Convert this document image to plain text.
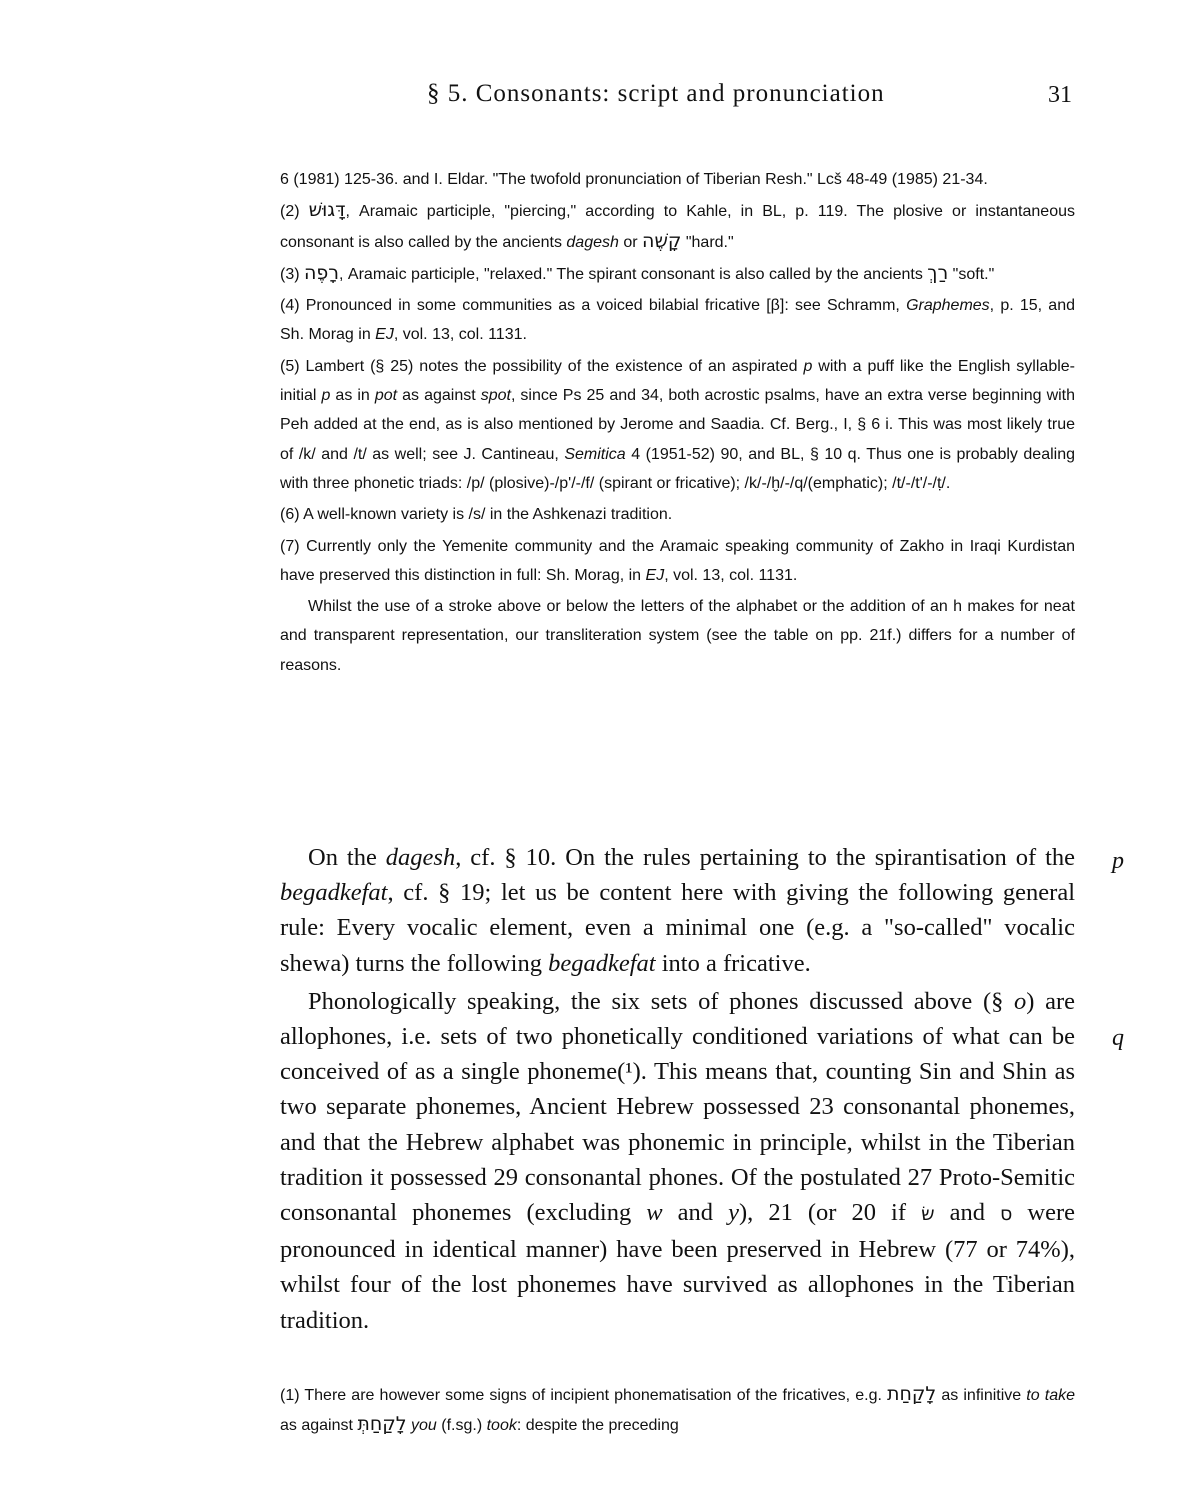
§ 5. Consonants: script and pronunciation	31

6 (1981) 125-36. and I. Eldar. "The twofold pronunciation of Tiberian Resh." Lcš 48-49 (1985) 21-34.

(2) דָּגוּשׁ, Aramaic participle, "piercing," according to Kahle, in BL, p. 119. The plosive or instantaneous consonant is also called by the ancients dagesh or קָשֶׁה "hard."

(3) רָפֶה, Aramaic participle, "relaxed." The spirant consonant is also called by the ancients רַךְ "soft."

(4) Pronounced in some communities as a voiced bilabial fricative [β]: see Schramm, Graphemes, p. 15, and Sh. Morag in EJ, vol. 13, col. 1131.

(5) Lambert (§ 25) notes the possibility of the existence of an aspirated p with a puff like the English syllable-initial p as in pot as against spot, since Ps 25 and 34, both acrostic psalms, have an extra verse beginning with Peh added at the end, as is also mentioned by Jerome and Saadia. Cf. Berg., I, § 6 i. This was most likely true of /k/ and /t/ as well; see J. Cantineau, Semitica 4 (1951-52) 90, and BL, § 10 q. Thus one is probably dealing with three phonetic triads: /p/ (plosive)-/p'/-/f/ (spirant or fricative); /k/-/ḫ/-/q/(emphatic); /t/-/t'/-/ṭ/.

(6) A well-known variety is /s/ in the Ashkenazi tradition.

(7) Currently only the Yemenite community and the Aramaic speaking community of Zakho in Iraqi Kurdistan have preserved this distinction in full: Sh. Morag, in EJ, vol. 13, col. 1131.

Whilst the use of a stroke above or below the letters of the alphabet or the addition of an h makes for neat and transparent representation, our transliteration system (see the table on pp. 21f.) differs for a number of reasons.

p
q

On the dagesh, cf. § 10. On the rules pertaining to the spirantisation of the begadkefat, cf. § 19; let us be content here with giving the following general rule: Every vocalic element, even a minimal one (e.g. a "so-called" vocalic shewa) turns the following begadkefat into a fricative.

Phonologically speaking, the six sets of phones discussed above (§ o) are allophones, i.e. sets of two phonetically conditioned variations of what can be conceived of as a single phoneme(¹). This means that, counting Sin and Shin as two separate phonemes, Ancient Hebrew possessed 23 consonantal phonemes, and that the Hebrew alphabet was phonemic in principle, whilst in the Tiberian tradition it possessed 29 consonantal phones. Of the postulated 27 Proto-Semitic consonantal phonemes (excluding w and y), 21 (or 20 if שׂ and ס were pronounced in identical manner) have been preserved in Hebrew (77 or 74%), whilst four of the lost phonemes have survived as allophones in the Tiberian tradition.

(1) There are however some signs of incipient phonematisation of the fricatives, e.g. לָקַחַת as infinitive to take as against לָקַחַתְּ you (f.sg.) took: despite the preceding
